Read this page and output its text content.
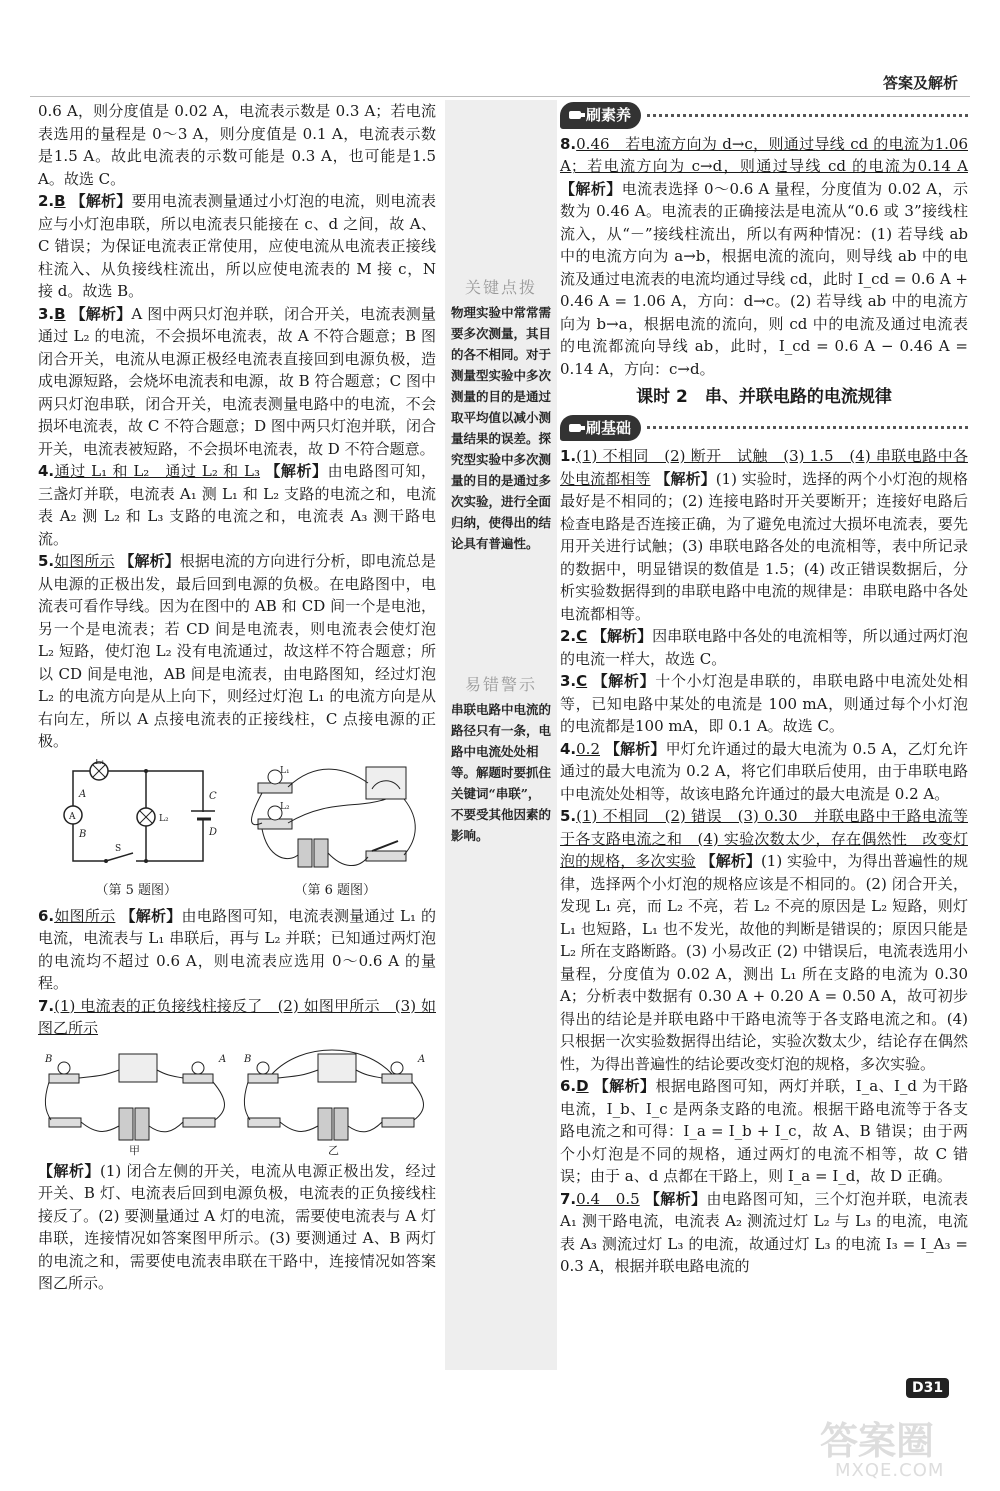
答案及解析

0.6 A，则分度值是 0.02 A，电流表示数是 0.3 A；若电流表选用的量程是 0～3 A，则分度值是 0.1 A，电流表示数是1.5 A。故此电流表的示数可能是 0.3 A，也可能是1.5 A。故选 C。

2.B 【解析】要用电流表测量通过小灯泡的电流，则电流表应与小灯泡串联，所以电流表只能接在 c、d 之间，故 A、C 错误；为保证电流表正常使用，应使电流从电流表正接线柱流入、从负接线柱流出，所以应使电流表的 M 接 c，N 接 d。故选 B。

3.B 【解析】A 图中两只灯泡并联，闭合开关，电流表测量通过 L₂ 的电流，不会损坏电流表，故 A 不符合题意；B 图闭合开关，电流从电源正极经电流表直接回到电源负极，造成电源短路，会烧坏电流表和电源，故 B 符合题意；C 图中两只灯泡串联，闭合开关，电流表测量电路中的电流，不会损坏电流表，故 C 不符合题意；D 图中两只灯泡并联，闭合开关，电流表被短路，不会损坏电流表，故 D 不符合题意。

4.通过 L₁ 和 L₂　通过 L₂ 和 L₃ 【解析】由电路图可知，三盏灯并联，电流表 A₁ 测 L₁ 和 L₂ 支路的电流之和，电流表 A₂ 测 L₂ 和 L₃ 支路的电流之和，电流表 A₃ 测干路电流。

5.如图所示 【解析】根据电流的方向进行分析，即电流总是从电源的正极出发，最后回到电源的负极。在电路图中，电流表可看作导线。因为在图中的 AB 和 CD 间一个是电池，另一个是电流表；若 CD 间是电流表，则电流表会使灯泡 L₂ 短路，使灯泡 L₂ 没有电流通过，故这样不符合题意；所以 CD 间是电池，AB 间是电流表，由电路图知，经过灯泡 L₂ 的电流方向是从上向下，则经过灯泡 L₁ 的电流方向是从右向左，所以 A 点接电流表的正接线柱，C 点接电源的正极。

L₁
L₂
A
B
C
D
S
A
（第 5 题图）
L₁
L₂
（第 6 题图）

6.如图所示 【解析】由电路图可知，电流表测量通过 L₁ 的电流，电流表与 L₁ 串联后，再与 L₂ 并联；已知通过两灯泡的电流均不超过 0.6 A，则电流表应选用 0～0.6 A 的量程。

7.(1) 电流表的正负接线柱接反了　(2) 如图甲所示　(3) 如图乙所示

B	A
甲
B	A
乙

【解析】(1) 闭合左侧的开关，电流从电源正极出发，经过开关、B 灯、电流表后回到电源负极，电流表的正负接线柱接反了。(2) 要测量通过 A 灯的电流，需要使电流表与 A 灯串联，连接情况如答案图甲所示。(3) 要测通过 A、B 两灯的电流之和，需要使电流表串联在干路中，连接情况如答案图乙所示。

关键点拨

物理实验中常常需要多次测量，其目的各不相同。对于测量型实验中多次测量的目的是通过取平均值以减小测量结果的误差。探究型实验中多次测量的目的是通过多次实验，进行全面归纳，使得出的结论具有普遍性。

易错警示

串联电路中电流的路径只有一条，电路中电流处处相等。解题时要抓住关键词“串联”，不要受其他因素的影响。

刷素养

8.0.46　若电流方向为 d→c，则通过导线 cd 的电流为1.06 A；若电流方向为 c→d，则通过导线 cd 的电流为0.14 A 【解析】电流表选择 0～0.6 A 量程，分度值为 0.02 A，示数为 0.46 A。电流表的正确接法是电流从“0.6 或 3”接线柱流入，从“－”接线柱流出，所以有两种情况：(1) 若导线 ab 中的电流方向为 a→b，根据电流的流向，则导线 ab 中的电流及通过电流表的电流均通过导线 cd，此时 I_cd = 0.6 A + 0.46 A = 1.06 A，方向：d→c。(2) 若导线 ab 中的电流方向为 b→a，根据电流的流向，则 cd 中的电流及通过电流表的电流都流向导线 ab，此时，I_cd = 0.6 A − 0.46 A = 0.14 A，方向：c→d。

课时 2　串、并联电路的电流规律
刷基础

1.(1) 不相同　(2) 断开　试触　(3) 1.5　(4) 串联电路中各处电流都相等 【解析】(1) 实验时，选择的两个小灯泡的规格最好是不相同的；(2) 连接电路时开关要断开；连接好电路后检查电路是否连接正确，为了避免电流过大损坏电流表，要先用开关进行试触；(3) 串联电路各处的电流相等，表中所记录的数据中，明显错误的数值是 1.5；(4) 改正错误数据后，分析实验数据得到的串联电路中电流的规律是：串联电路中各处电流都相等。

2.C 【解析】因串联电路中各处的电流相等，所以通过两灯泡的电流一样大，故选 C。

3.C 【解析】十个小灯泡是串联的，串联电路中电流处处相等，已知电路中某处的电流是 100 mA，则通过每个小灯泡的电流都是100 mA，即 0.1 A。故选 C。

4.0.2 【解析】甲灯允许通过的最大电流为 0.5 A，乙灯允许通过的最大电流为 0.2 A，将它们串联后使用，由于串联电路中电流处处相等，故该电路允许通过的最大电流是 0.2 A。

5.(1) 不相同　(2) 错误　(3) 0.30　并联电路中干路电流等于各支路电流之和　(4) 实验次数太少，存在偶然性　改变灯泡的规格，多次实验 【解析】(1) 实验中，为得出普遍性的规律，选择两个小灯泡的规格应该是不相同的。(2) 闭合开关，发现 L₁ 亮，而 L₂ 不亮，若 L₂ 不亮的原因是 L₂ 短路，则灯 L₁ 也短路，L₁ 也不发光，故他的判断是错误的；原因只能是 L₂ 所在支路断路。(3) 小易改正 (2) 中错误后，电流表选用小量程，分度值为 0.02 A，测出 L₁ 所在支路的电流为 0.30 A；分析表中数据有 0.30 A + 0.20 A = 0.50 A，故可初步得出的结论是并联电路中干路电流等于各支路电流之和。(4) 只根据一次实验数据得出结论，实验次数太少，结论存在偶然性，为得出普遍性的结论要改变灯泡的规格，多次实验。

6.D 【解析】根据电路图可知，两灯并联，I_a、I_d 为干路电流，I_b、I_c 是两条支路的电流。根据干路电流等于各支路电流之和可得：I_a = I_b + I_c，故 A、B 错误；由于两个小灯泡是不同的规格，通过两灯的电流不相等，故 C 错误；由于 a、d 点都在干路上，则 I_a = I_d，故 D 正确。

7.0.4　0.5 【解析】由电路图可知，三个灯泡并联，电流表 A₁ 测干路电流，电流表 A₂ 测流过灯 L₂ 与 L₃ 的电流，电流表 A₃ 测流过灯 L₃ 的电流，故通过灯 L₃ 的电流 I₃ = I_A₃ = 0.3 A，根据并联电路电流的

D31
答案圈
MXQE.COM
